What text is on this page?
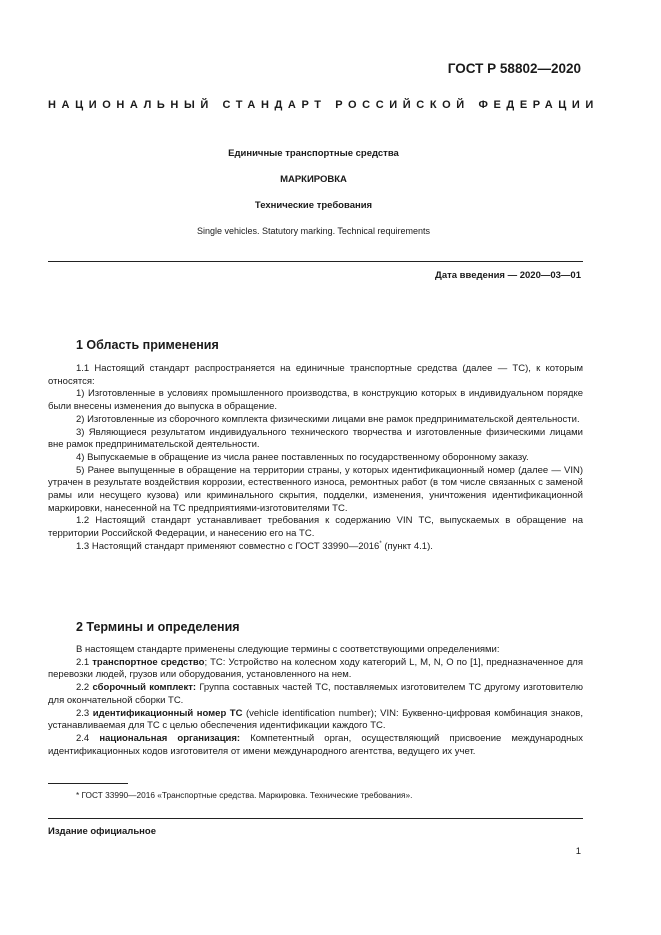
ГОСТ Р 58802—2020
НАЦИОНАЛЬНЫЙ СТАНДАРТ РОССИЙСКОЙ ФЕДЕРАЦИИ
Единичные транспортные средства
МАРКИРОВКА
Технические требования
Single vehicles. Statutory marking. Technical requirements
Дата введения — 2020—03—01
1 Область применения

1.1 Настоящий стандарт распространяется на единичные транспортные средства (далее — ТС), к которым относятся:

1) Изготовленные в условиях промышленного производства, в конструкцию которых в индивидуальном порядке были внесены изменения до выпуска в обращение.

2) Изготовленные из сборочного комплекта физическими лицами вне рамок предпринимательской деятельности.

3) Являющиеся результатом индивидуального технического творчества и изготовленные физическими лицами вне рамок предпринимательской деятельности.

4) Выпускаемые в обращение из числа ранее поставленных по государственному оборонному заказу.

5) Ранее выпущенные в обращение на территории страны, у которых идентификационный номер (далее — VIN) утрачен в результате воздействия коррозии, естественного износа, ремонтных работ (в том числе связанных с заменой рамы или несущего кузова) или криминального скрытия, подделки, изменения, уничтожения идентификационной маркировки, нанесенной на ТС предприятиями-изготовителями ТС.

1.2 Настоящий стандарт устанавливает требования к содержанию VIN ТС, выпускаемых в обращение на территории Российской Федерации, и нанесению его на ТС.

1.3 Настоящий стандарт применяют совместно с ГОСТ 33990—2016* (пункт 4.1).

2 Термины и определения

В настоящем стандарте применены следующие термины с соответствующими определениями:

2.1 транспортное средство; ТС: Устройство на колесном ходу категорий L, M, N, O по [1], предназначенное для перевозки людей, грузов или оборудования, установленного на нем.

2.2 сборочный комплект: Группа составных частей ТС, поставляемых изготовителем ТС другому изготовителю для окончательной сборки ТС.

2.3 идентификационный номер ТС (vehicle identification number); VIN: Буквенно-цифровая комбинация знаков, устанавливаемая для ТС с целью обеспечения идентификации каждого ТС.

2.4 национальная организация: Компетентный орган, осуществляющий присвоение международных идентификационных кодов изготовителя от имени международного агентства, ведущего их учет.

* ГОСТ 33990—2016 «Транспортные средства. Маркировка. Технические требования».
Издание официальное
1
